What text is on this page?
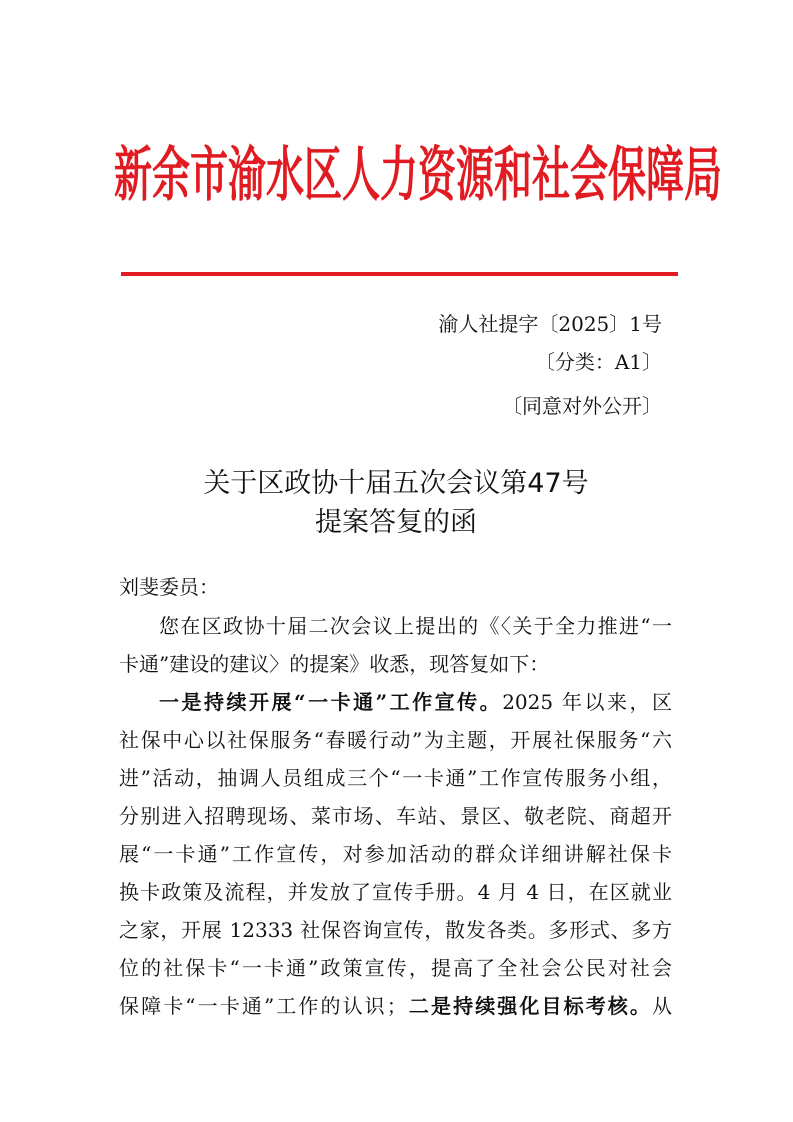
新余市渝水区人力资源和社会保障局
渝人社提字〔2025〕1号
〔分类：A1〕
〔同意对外公开〕
关于区政协十届五次会议第47号
提案答复的函
刘斐委员：
您在区政协十届二次会议上提出的《〈关于全力推进“一
卡通”建设的建议〉的提案》收悉，现答复如下：
一是持续开展“一卡通”工作宣传。2025 年以来，区
社保中心以社保服务“春暖行动”为主题，开展社保服务“六
进”活动，抽调人员组成三个“一卡通”工作宣传服务小组，
分别进入招聘现场、菜市场、车站、景区、敬老院、商超开
展“一卡通”工作宣传，对参加活动的群众详细讲解社保卡
换卡政策及流程，并发放了宣传手册。4 月 4 日，在区就业
之家，开展 12333 社保咨询宣传，散发各类。多形式、多方
位的社保卡“一卡通”政策宣传，提高了全社会公民对社会
保障卡“一卡通”工作的认识；二是持续强化目标考核。从
